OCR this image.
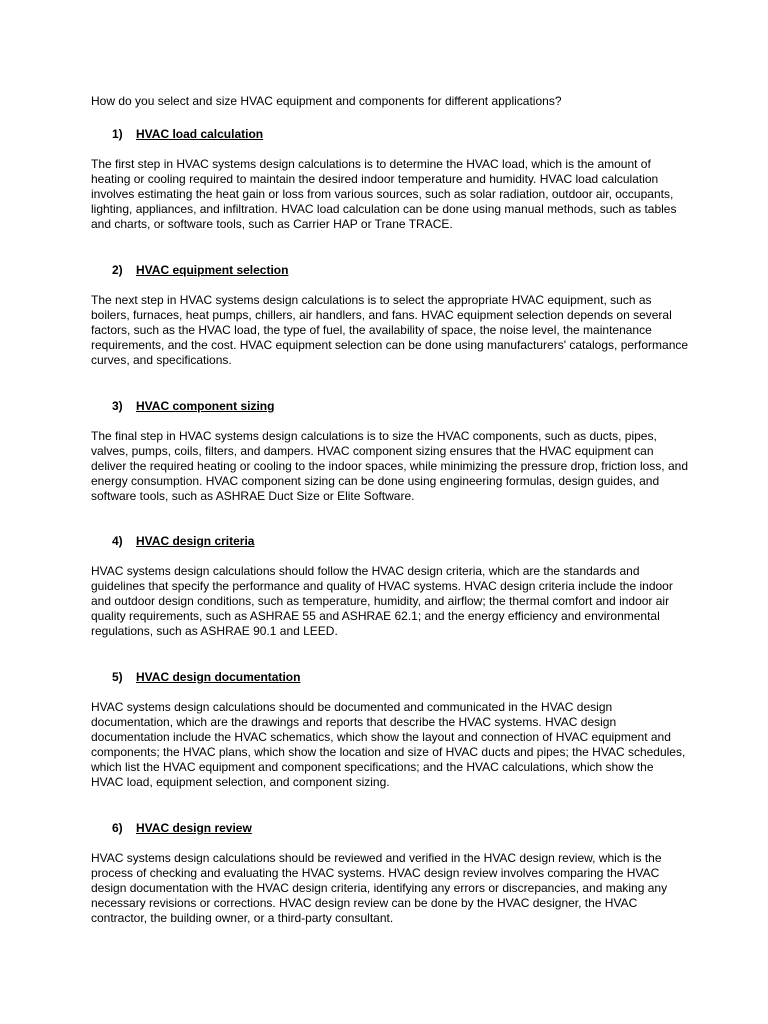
How do you select and size HVAC equipment and components for different applications?

1) HVAC load calculation

The first step in HVAC systems design calculations is to determine the HVAC load, which is the amount of heating or cooling required to maintain the desired indoor temperature and humidity. HVAC load calculation involves estimating the heat gain or loss from various sources, such as solar radiation, outdoor air, occupants, lighting, appliances, and infiltration. HVAC load calculation can be done using manual methods, such as tables and charts, or software tools, such as Carrier HAP or Trane TRACE.

2) HVAC equipment selection

The next step in HVAC systems design calculations is to select the appropriate HVAC equipment, such as boilers, furnaces, heat pumps, chillers, air handlers, and fans. HVAC equipment selection depends on several factors, such as the HVAC load, the type of fuel, the availability of space, the noise level, the maintenance requirements, and the cost. HVAC equipment selection can be done using manufacturers' catalogs, performance curves, and specifications.

3) HVAC component sizing

The final step in HVAC systems design calculations is to size the HVAC components, such as ducts, pipes, valves, pumps, coils, filters, and dampers. HVAC component sizing ensures that the HVAC equipment can deliver the required heating or cooling to the indoor spaces, while minimizing the pressure drop, friction loss, and energy consumption. HVAC component sizing can be done using engineering formulas, design guides, and software tools, such as ASHRAE Duct Size or Elite Software.

4) HVAC design criteria

HVAC systems design calculations should follow the HVAC design criteria, which are the standards and guidelines that specify the performance and quality of HVAC systems. HVAC design criteria include the indoor and outdoor design conditions, such as temperature, humidity, and airflow; the thermal comfort and indoor air quality requirements, such as ASHRAE 55 and ASHRAE 62.1; and the energy efficiency and environmental regulations, such as ASHRAE 90.1 and LEED.

5) HVAC design documentation

HVAC systems design calculations should be documented and communicated in the HVAC design documentation, which are the drawings and reports that describe the HVAC systems. HVAC design documentation include the HVAC schematics, which show the layout and connection of HVAC equipment and components; the HVAC plans, which show the location and size of HVAC ducts and pipes; the HVAC schedules, which list the HVAC equipment and component specifications; and the HVAC calculations, which show the HVAC load, equipment selection, and component sizing.

6) HVAC design review

HVAC systems design calculations should be reviewed and verified in the HVAC design review, which is the process of checking and evaluating the HVAC systems. HVAC design review involves comparing the HVAC design documentation with the HVAC design criteria, identifying any errors or discrepancies, and making any necessary revisions or corrections. HVAC design review can be done by the HVAC designer, the HVAC contractor, the building owner, or a third-party consultant.
